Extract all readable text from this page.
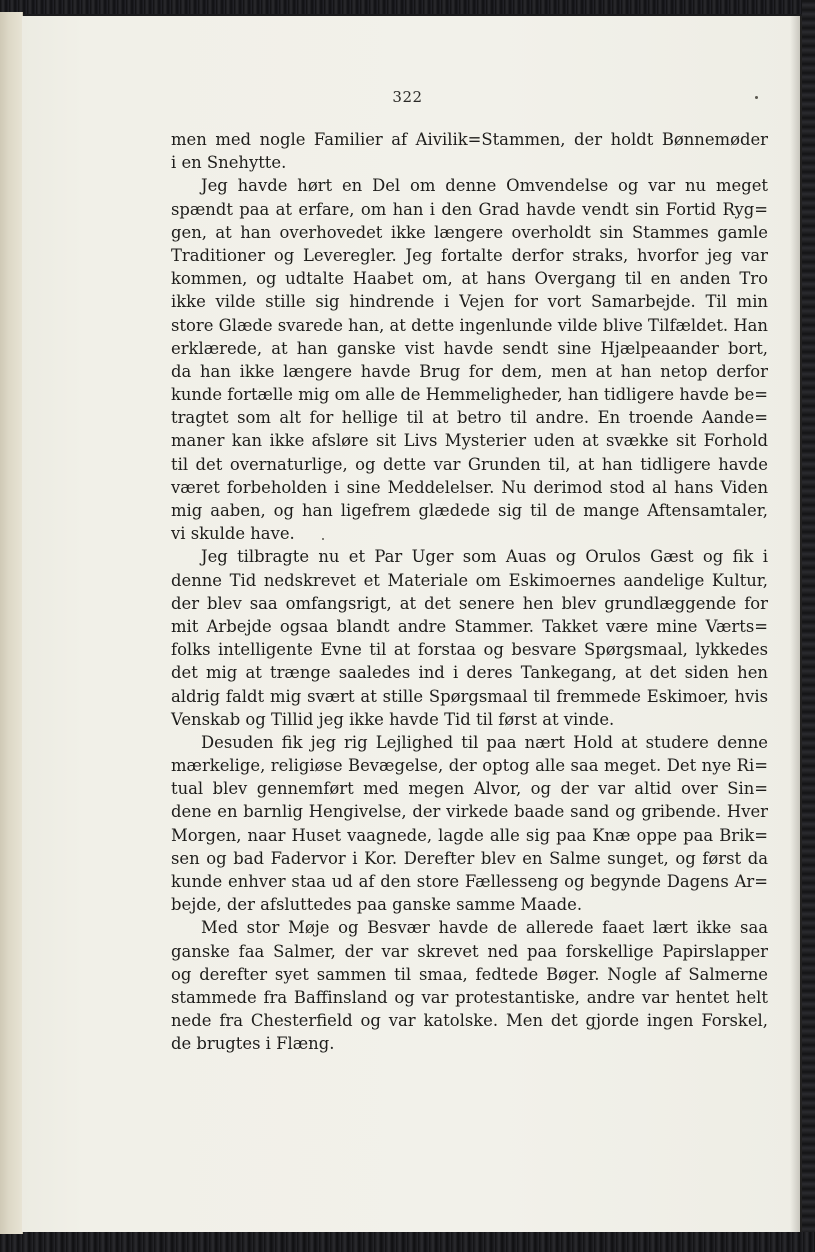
322
men med nogle Familier af Aivilik=Stammen, der holdt Bønnemøder
i en Snehytte.
Jeg havde hørt en Del om denne Omvendelse og var nu meget
spændt paa at erfare, om han i den Grad havde vendt sin Fortid Ryg=
gen, at han overhovedet ikke længere overholdt sin Stammes gamle
Traditioner og Leveregler. Jeg fortalte derfor straks, hvorfor jeg var
kommen, og udtalte Haabet om, at hans Overgang til en anden Tro
ikke vilde stille sig hindrende i Vejen for vort Samarbejde. Til min
store Glæde svarede han, at dette ingenlunde vilde blive Tilfældet. Han
erklærede, at han ganske vist havde sendt sine Hjælpeaander bort,
da han ikke længere havde Brug for dem, men at han netop derfor
kunde fortælle mig om alle de Hemmeligheder, han tidligere havde be=
tragtet som alt for hellige til at betro til andre. En troende Aande=
maner kan ikke afsløre sit Livs Mysterier uden at svække sit Forhold
til det overnaturlige, og dette var Grunden til, at han tidligere havde
været forbeholden i sine Meddelelser. Nu derimod stod al hans Viden
mig aaben, og han ligefrem glædede sig til de mange Aftensamtaler,
vi skulde have.
Jeg tilbragte nu et Par Uger som Auas og Orulos Gæst og fik i
denne Tid nedskrevet et Materiale om Eskimoernes aandelige Kultur,
der blev saa omfangsrigt, at det senere hen blev grundlæggende for
mit Arbejde ogsaa blandt andre Stammer. Takket være mine Værts=
folks intelligente Evne til at forstaa og besvare Spørgsmaal, lykkedes
det mig at trænge saaledes ind i deres Tankegang, at det siden hen
aldrig faldt mig svært at stille Spørgsmaal til fremmede Eskimoer, hvis
Venskab og Tillid jeg ikke havde Tid til først at vinde.
Desuden fik jeg rig Lejlighed til paa nært Hold at studere denne
mærkelige, religiøse Bevægelse, der optog alle saa meget. Det nye Ri=
tual blev gennemført med megen Alvor, og der var altid over Sin=
dene en barnlig Hengivelse, der virkede baade sand og gribende. Hver
Morgen, naar Huset vaagnede, lagde alle sig paa Knæ oppe paa Brik=
sen og bad Fadervor i Kor. Derefter blev en Salme sunget, og først da
kunde enhver staa ud af den store Fællesseng og begynde Dagens Ar=
bejde, der afsluttedes paa ganske samme Maade.
Med stor Møje og Besvær havde de allerede faaet lært ikke saa
ganske faa Salmer, der var skrevet ned paa forskellige Papirslapper
og derefter syet sammen til smaa, fedtede Bøger. Nogle af Salmerne
stammede fra Baffinsland og var protestantiske, andre var hentet helt
nede fra Chesterfield og var katolske. Men det gjorde ingen Forskel,
de brugtes i Flæng.
